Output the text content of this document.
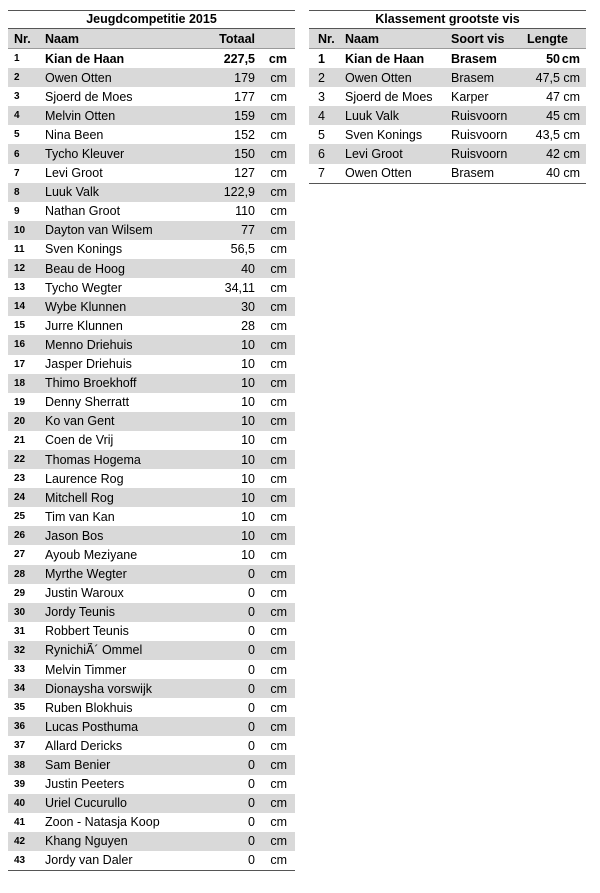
Jeugdcompetitie 2015
Nr.	Naam	Totaal
1	Kian de Haan	227,5	cm
2	Owen Otten	179	cm
3	Sjoerd de Moes	177	cm
4	Melvin Otten	159	cm
5	Nina Been	152	cm
6	Tycho Kleuver	150	cm
7	Levi Groot	127	cm
8	Luuk Valk	122,9	cm
9	Nathan Groot	110	cm
10	Dayton van Wilsem	77	cm
11	Sven Konings	56,5	cm
12	Beau de Hoog	40	cm
13	Tycho Wegter	34,11	cm
14	Wybe Klunnen	30	cm
15	Jurre Klunnen	28	cm
16	Menno Driehuis	10	cm
17	Jasper Driehuis	10	cm
18	Thimo Broekhoff	10	cm
19	Denny Sherratt	10	cm
20	Ko van Gent	10	cm
21	Coen de Vrij	10	cm
22	Thomas Hogema	10	cm
23	Laurence Rog	10	cm
24	Mitchell Rog	10	cm
25	Tim van Kan	10	cm
26	Jason Bos	10	cm
27	Ayoub Meziyane	10	cm
28	Myrthe Wegter	0	cm
29	Justin Waroux	0	cm
30	Jordy Teunis	0	cm
31	Robbert Teunis	0	cm
32	RynichiÃ´ Ommel	0	cm
33	Melvin Timmer	0	cm
34	Dionaysha vorswijk	0	cm
35	Ruben Blokhuis	0	cm
36	Lucas Posthuma	0	cm
37	Allard Dericks	0	cm
38	Sam Benier	0	cm
39	Justin Peeters	0	cm
40	Uriel Cucurullo	0	cm
41	Zoon - Natasja Koop	0	cm
42	Khang Nguyen	0	cm
43	Jordy van Daler	0	cm
Klassement grootste vis
Nr. Naam	Soort vis	Lengte
1	Kian de Haan	Brasem	50 cm
2	Owen Otten	Brasem	47,5 cm
3	Sjoerd de Moes	Karper	47 cm
4	Luuk Valk	Ruisvoorn	45 cm
5	Sven Konings	Ruisvoorn	43,5 cm
6	Levi Groot	Ruisvoorn	42 cm
7	Owen Otten	Brasem	40 cm
